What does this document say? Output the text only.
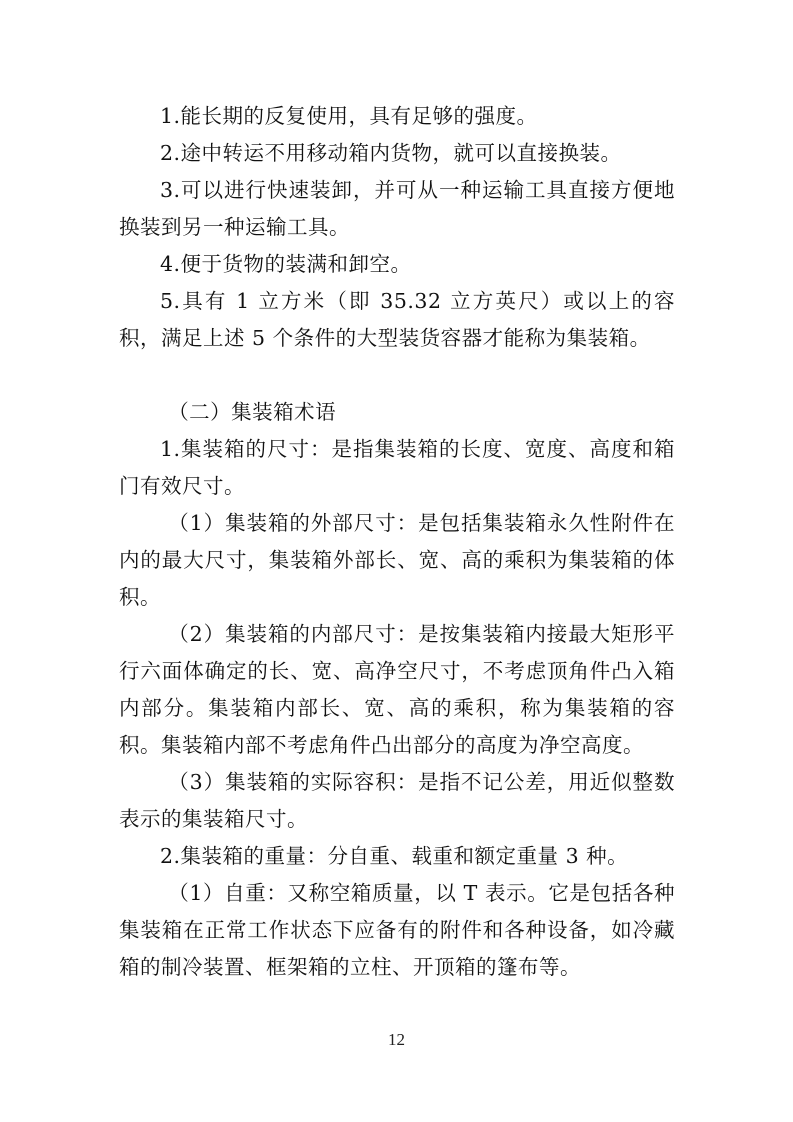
1.能长期的反复使用，具有足够的强度。

2.途中转运不用移动箱内货物，就可以直接换装。

3.可以进行快速装卸，并可从一种运输工具直接方便地换装到另一种运输工具。

4.便于货物的装满和卸空。

5.具有 1 立方米（即 35.32 立方英尺）或以上的容积，满足上述 5 个条件的大型装货容器才能称为集装箱。

（二）集装箱术语

1.集装箱的尺寸：是指集装箱的长度、宽度、高度和箱门有效尺寸。

（1）集装箱的外部尺寸：是包括集装箱永久性附件在内的最大尺寸，集装箱外部长、宽、高的乘积为集装箱的体积。

（2）集装箱的内部尺寸：是按集装箱内接最大矩形平行六面体确定的长、宽、高净空尺寸，不考虑顶角件凸入箱内部分。集装箱内部长、宽、高的乘积，称为集装箱的容积。集装箱内部不考虑角件凸出部分的高度为净空高度。

（3）集装箱的实际容积：是指不记公差，用近似整数表示的集装箱尺寸。

2.集装箱的重量：分自重、载重和额定重量 3 种。

（1）自重：又称空箱质量，以 T 表示。它是包括各种集装箱在正常工作状态下应备有的附件和各种设备，如冷藏箱的制冷装置、框架箱的立柱、开顶箱的篷布等。

12
